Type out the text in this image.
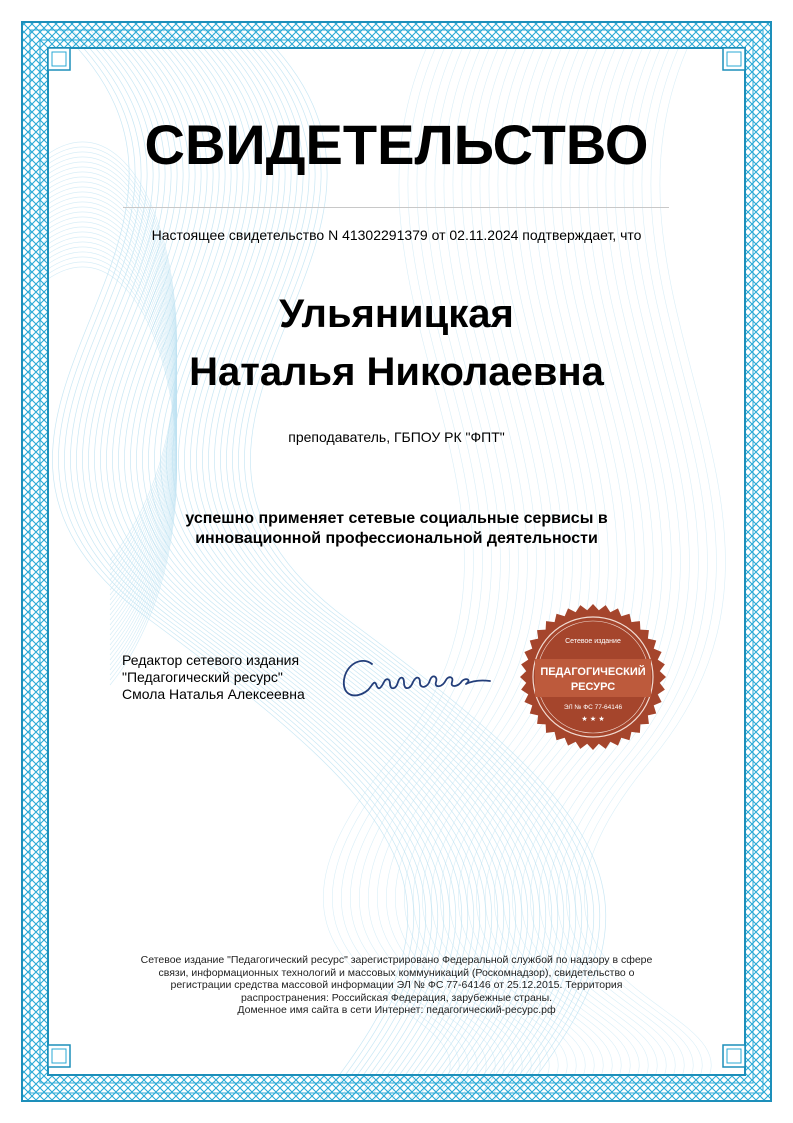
СВИДЕТЕЛЬСТВО
Настоящее свидетельство N 41302291379 от 02.11.2024 подтверждает, что
Ульяницкая
Наталья Николаевна
преподаватель, ГБПОУ РК "ФПТ"
успешно применяет сетевые социальные сервисы в
инновационной профессиональной деятельности
Редактор сетевого издания
"Педагогический ресурс"
Смола Наталья Алексеевна
Сетевое издание
ПЕДАГОГИЧЕСКИЙ
РЕСУРС
ЭЛ № ФС 77-64146
★ ★ ★
Сетевое издание "Педагогический ресурс" зарегистрировано Федеральной службой по надзору в сфере
связи, информационных технологий и массовых коммуникаций (Роскомнадзор), свидетельство о
регистрации средства массовой информации ЭЛ № ФС 77-64146 от 25.12.2015. Территория
распространения: Российская Федерация, зарубежные страны.
Доменное имя сайта в сети Интернет: педагогический-ресурс.рф
